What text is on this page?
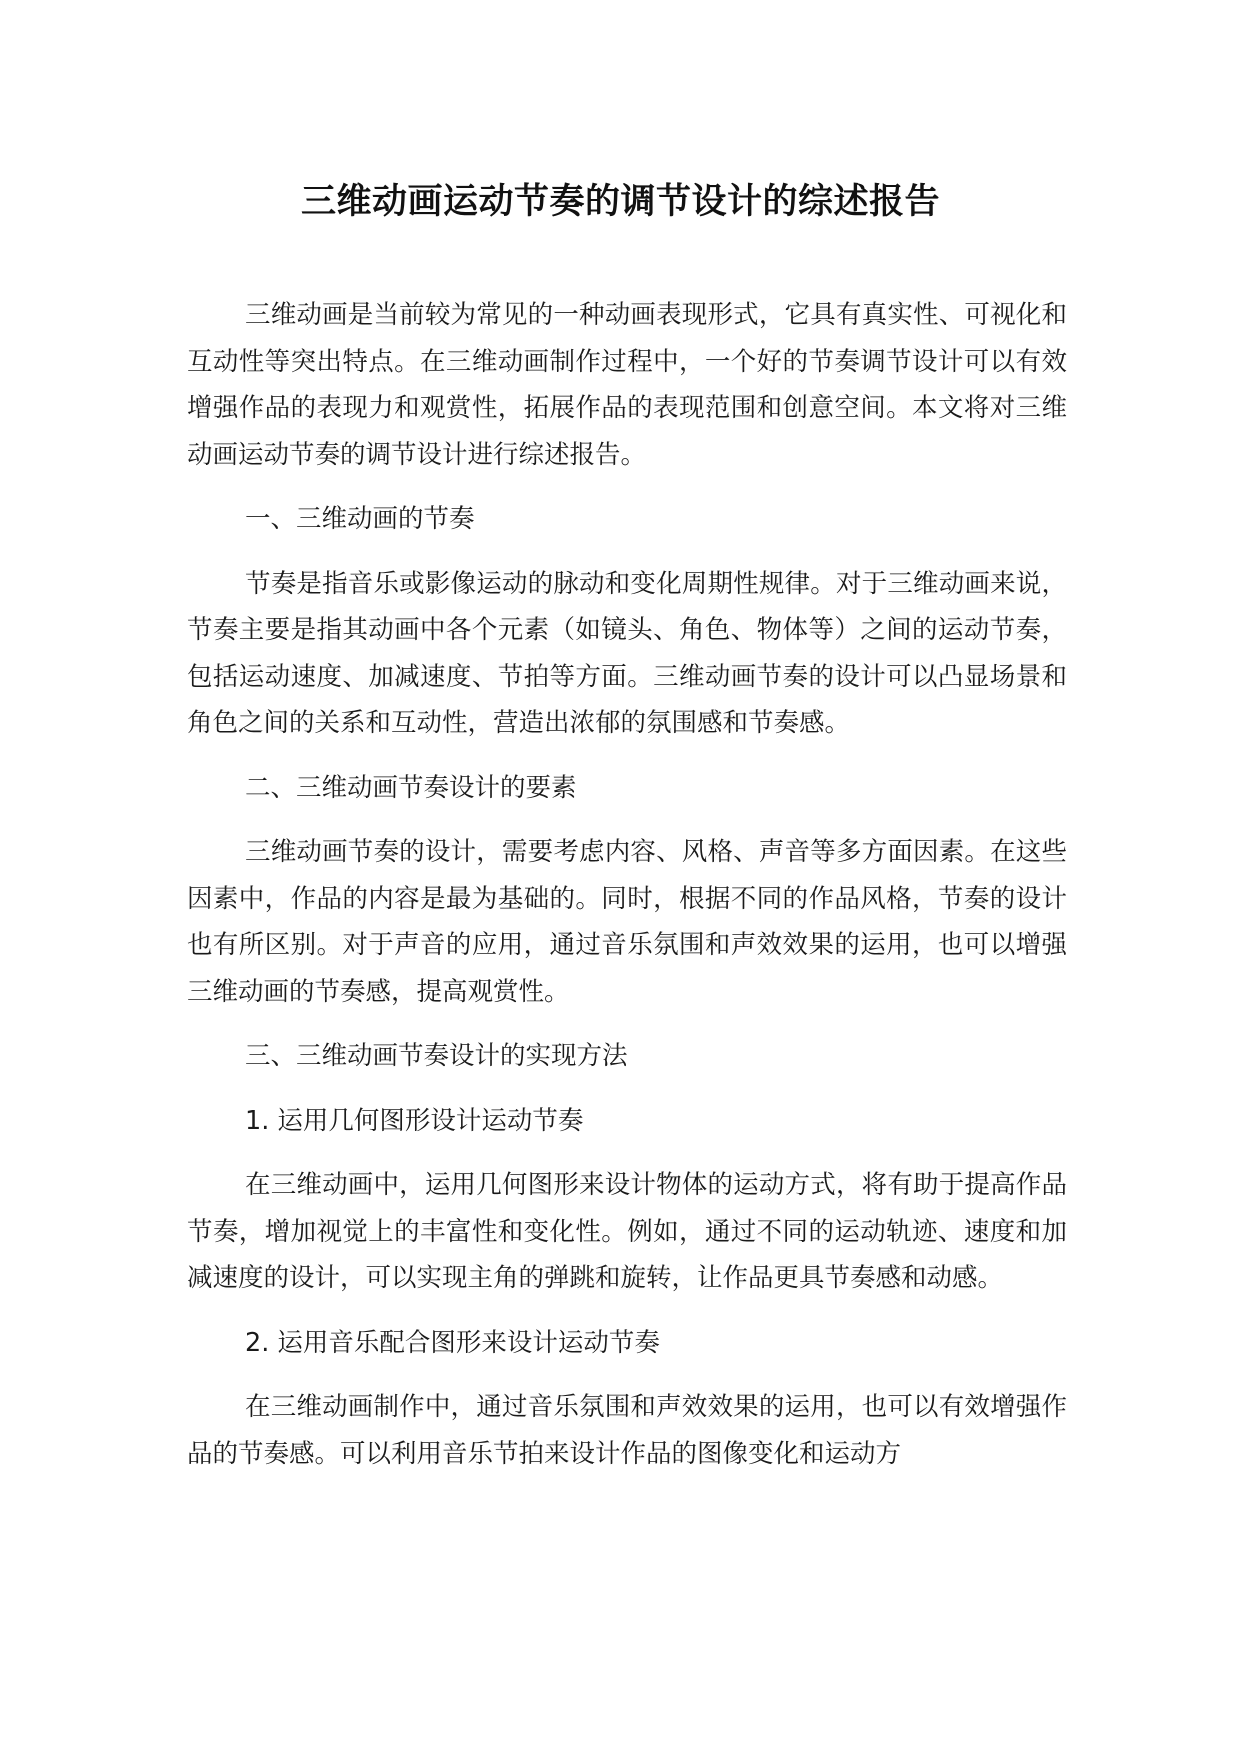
三维动画运动节奏的调节设计的综述报告

三维动画是当前较为常见的一种动画表现形式，它具有真实性、可视化和互动性等突出特点。在三维动画制作过程中，一个好的节奏调节设计可以有效增强作品的表现力和观赏性，拓展作品的表现范围和创意空间。本文将对三维动画运动节奏的调节设计进行综述报告。

一、三维动画的节奏

节奏是指音乐或影像运动的脉动和变化周期性规律。对于三维动画来说，节奏主要是指其动画中各个元素（如镜头、角色、物体等）之间的运动节奏，包括运动速度、加减速度、节拍等方面。三维动画节奏的设计可以凸显场景和角色之间的关系和互动性，营造出浓郁的氛围感和节奏感。

二、三维动画节奏设计的要素

三维动画节奏的设计，需要考虑内容、风格、声音等多方面因素。在这些因素中，作品的内容是最为基础的。同时，根据不同的作品风格，节奏的设计也有所区别。对于声音的应用，通过音乐氛围和声效效果的运用，也可以增强三维动画的节奏感，提高观赏性。

三、三维动画节奏设计的实现方法

1. 运用几何图形设计运动节奏

在三维动画中，运用几何图形来设计物体的运动方式，将有助于提高作品节奏，增加视觉上的丰富性和变化性。例如，通过不同的运动轨迹、速度和加减速度的设计，可以实现主角的弹跳和旋转，让作品更具节奏感和动感。

2. 运用音乐配合图形来设计运动节奏

在三维动画制作中，通过音乐氛围和声效效果的运用，也可以有效增强作品的节奏感。可以利用音乐节拍来设计作品的图像变化和运动方
